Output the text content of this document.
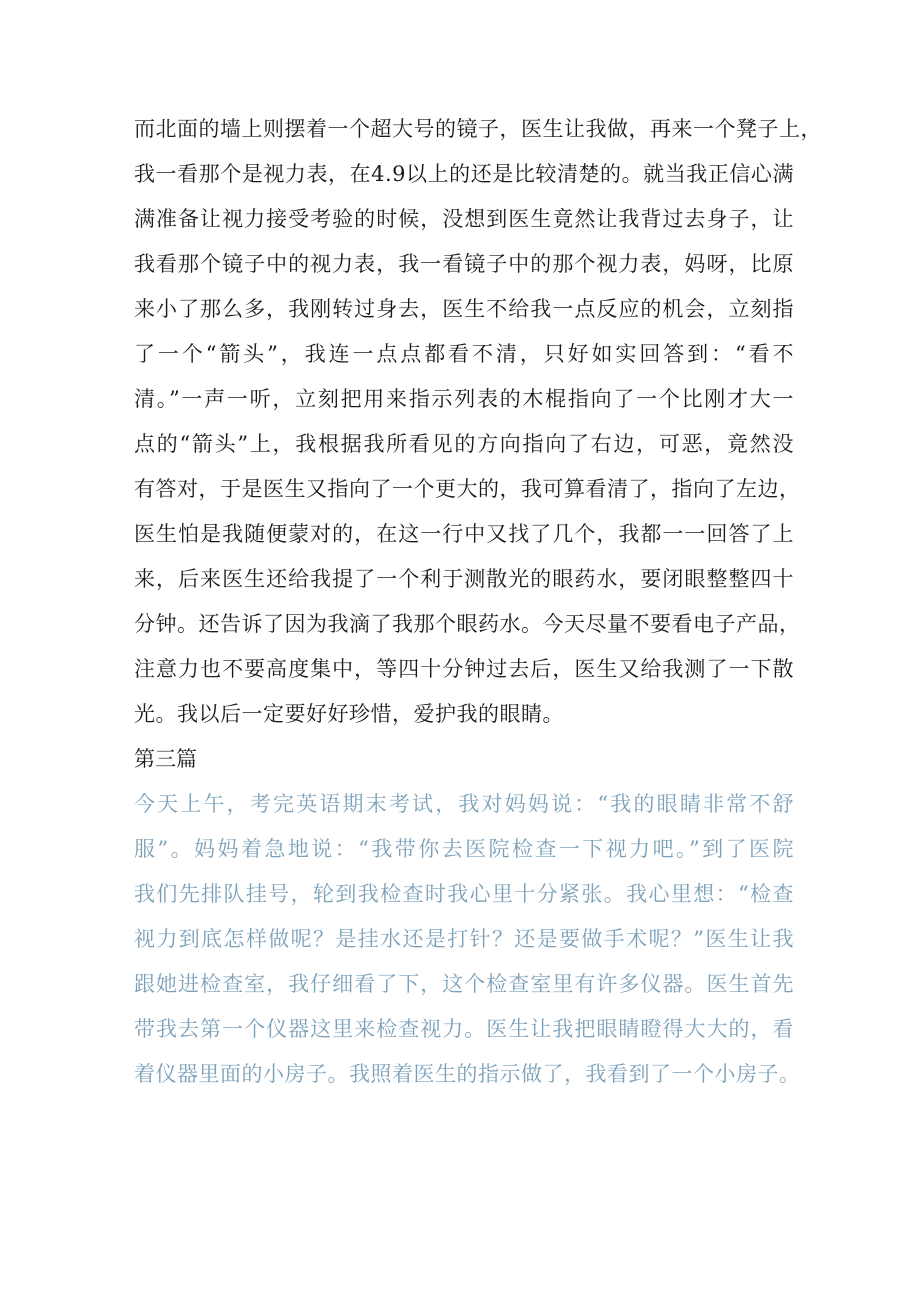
而北面的墙上则摆着一个超大号的镜子，医生让我做，再来一个凳子上，
我一看那个是视力表，在4.9以上的还是比较清楚的。就当我正信心满
满准备让视力接受考验的时候，没想到医生竟然让我背过去身子，让
我看那个镜子中的视力表，我一看镜子中的那个视力表，妈呀，比原
来小了那么多，我刚转过身去，医生不给我一点反应的机会，立刻指
了一个“箭头”，我连一点点都看不清，只好如实回答到：“看不
清。”一声一听，立刻把用来指示列表的木棍指向了一个比刚才大一
点的“箭头”上，我根据我所看见的方向指向了右边，可恶，竟然没
有答对，于是医生又指向了一个更大的，我可算看清了，指向了左边，
医生怕是我随便蒙对的，在这一行中又找了几个，我都一一回答了上
来，后来医生还给我提了一个利于测散光的眼药水，要闭眼整整四十
分钟。还告诉了因为我滴了我那个眼药水。今天尽量不要看电子产品，
注意力也不要高度集中，等四十分钟过去后，医生又给我测了一下散
光。我以后一定要好好珍惜，爱护我的眼睛。
第三篇
今天上午，考完英语期末考试，我对妈妈说：“我的眼睛非常不舒
服”。妈妈着急地说：“我带你去医院检查一下视力吧。”到了医院
我们先排队挂号，轮到我检查时我心里十分紧张。我心里想：“检查
视力到底怎样做呢？是挂水还是打针？还是要做手术呢？”医生让我
跟她进检查室，我仔细看了下，这个检查室里有许多仪器。医生首先
带我去第一个仪器这里来检查视力。医生让我把眼睛瞪得大大的，看
着仪器里面的小房子。我照着医生的指示做了，我看到了一个小房子。
